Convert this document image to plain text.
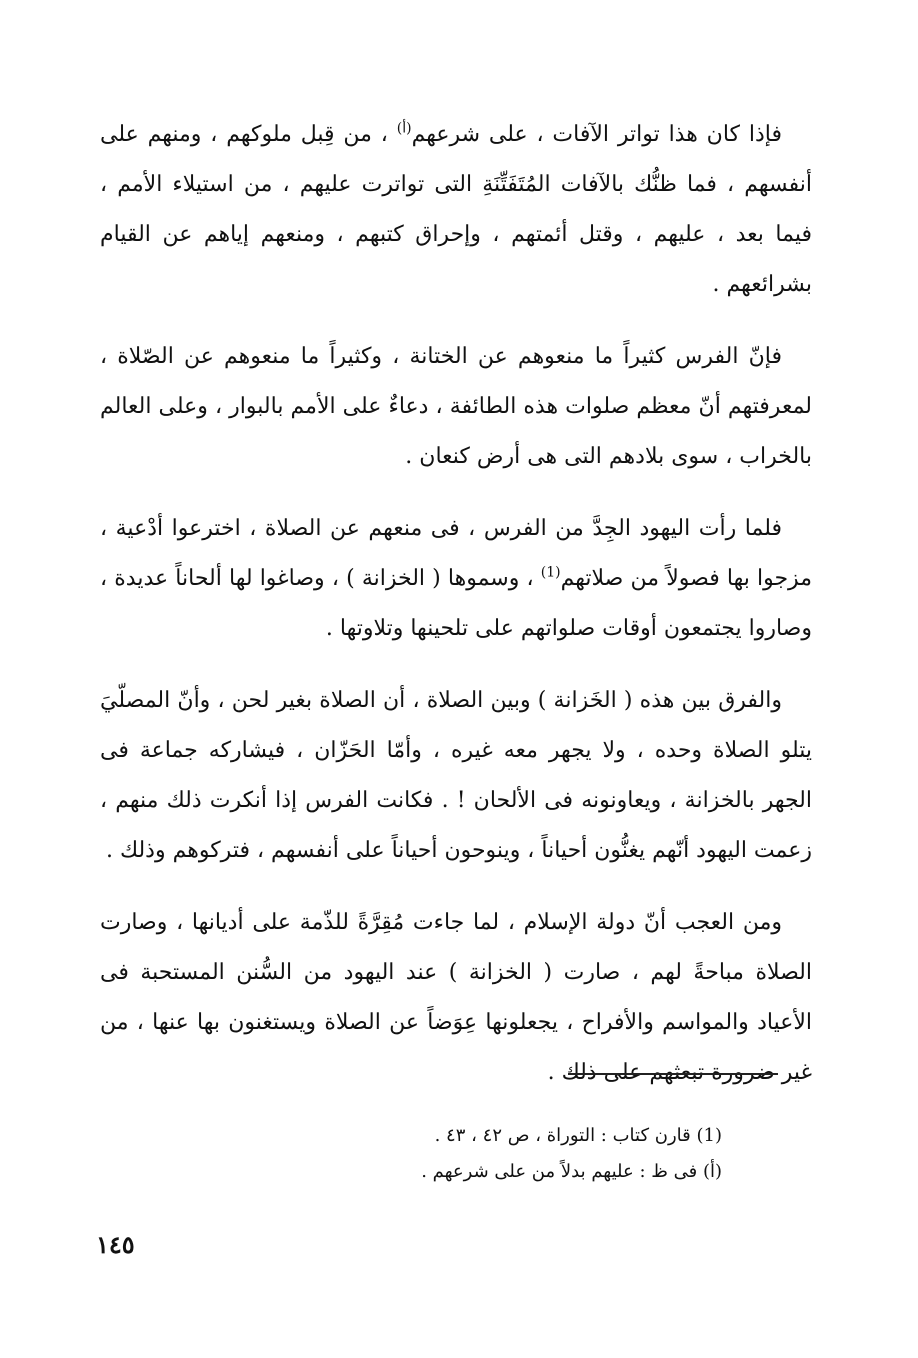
فإذا كان هذا تواتر الآفات ، على شرعهم$^{(أ)}$ ، من قِبل ملوكهم ، ومنهم على أنفسهم ، فما ظنُّك بالآفات المُتَفَتِّنَةِ التى تواترت عليهم ، من استيلاء الأمم ، فيما بعد ، عليهم ، وقتل أئمتهم ، وإحراق كتبهم ، ومنعهم إياهم عن القيام بشرائعهم .

فإنّ الفرس كثيراً ما منعوهم عن الختانة ، وكثيراً ما منعوهم عن الصّلاة ، لمعرفتهم أنّ معظم صلوات هذه الطائفة ، دعاءٌ على الأمم بالبوار ، وعلى العالم بالخراب ، سوى بلادهم التى هى أرض كنعان .

فلما رأت اليهود الجِدَّ من الفرس ، فى منعهم عن الصلاة ، اخترعوا أدْعية ، مزجوا بها فصولاً من صلاتهم$^{(1)}$ ، وسموها ( الخزانة ) ، وصاغوا لها ألحاناً عديدة ، وصاروا يجتمعون أوقات صلواتهم على تلحينها وتلاوتها .

والفرق بين هذه ( الخَزانة ) وبين الصلاة ، أن الصلاة بغير لحن ، وأنّ المصلّيَ يتلو الصلاة وحده ، ولا يجهر معه غيره ، وأمّا الحَزّان ، فيشاركه جماعة فى الجهر بالخزانة ، ويعاونونه فى الألحان ! . فكانت الفرس إذا أنكرت ذلك منهم ، زعمت اليهود أنّهم يغنُّون أحياناً ، وينوحون أحياناً على أنفسهم ، فتركوهم وذلك .

ومن العجب أنّ دولة الإسلام ، لما جاءت مُقِرَّةً للذّمة على أديانها ، وصارت الصلاة مباحةً لهم ، صارت ( الخزانة ) عند اليهود من السُّنن المستحبة فى الأعياد والمواسم والأفراح ، يجعلونها عِوَضاً عن الصلاة ويستغنون بها عنها ، من غير ضرورة تبعثهم على ذلك .

(1) قارن كتاب : التوراة ، ص ٤٢ ، ٤٣ .

(أ) فى ظ : عليهم بدلاً من على شرعهم .

١٤٥
